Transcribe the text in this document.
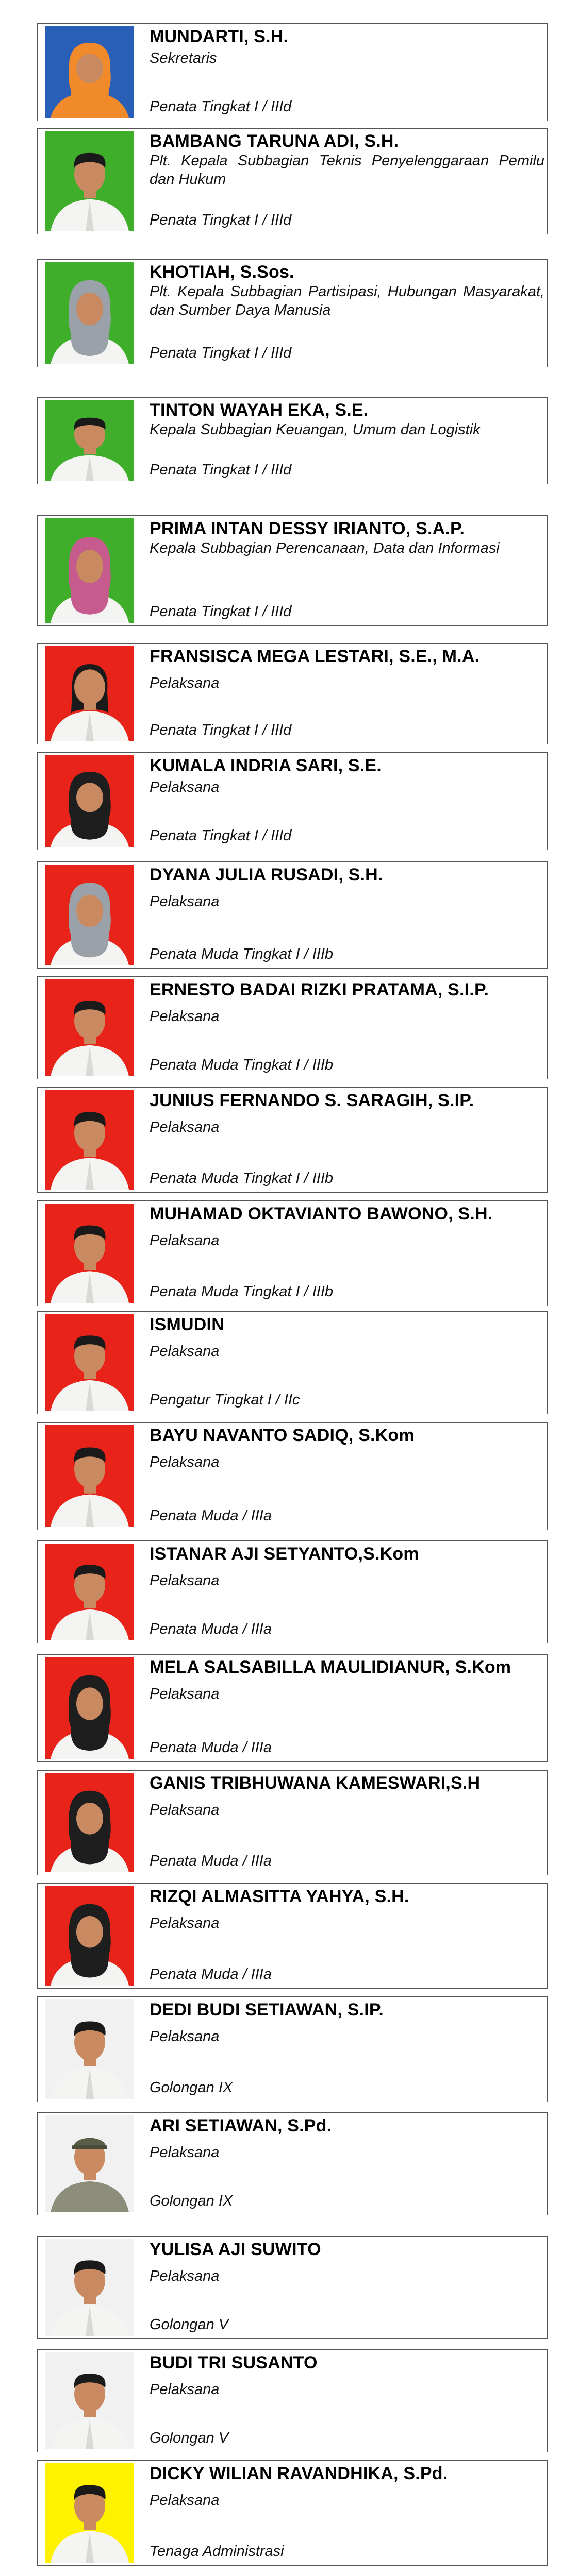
MUNDARTI, S.H.
Sekretaris
Penata Tingkat I / IIId
BAMBANG TARUNA ADI, S.H.
Plt. Kepala Subbagian Teknis Penyelenggaraan Pemilu dan Hukum
Penata Tingkat I / IIId
KHOTIAH, S.Sos.
Plt. Kepala Subbagian Partisipasi, Hubungan Masyarakat, dan Sumber Daya Manusia
Penata Tingkat I / IIId
TINTON WAYAH EKA, S.E.
Kepala Subbagian Keuangan, Umum dan Logistik
Penata Tingkat I / IIId
PRIMA INTAN DESSY IRIANTO, S.A.P.
Kepala Subbagian Perencanaan, Data dan Informasi
Penata Tingkat I / IIId
FRANSISCA MEGA LESTARI, S.E., M.A.
Pelaksana
Penata Tingkat I / IIId
KUMALA INDRIA SARI, S.E.
Pelaksana
Penata Tingkat I / IIId
DYANA JULIA RUSADI, S.H.
Pelaksana
Penata Muda Tingkat I / IIIb
ERNESTO BADAI RIZKI PRATAMA, S.I.P.
Pelaksana
Penata Muda Tingkat I / IIIb
JUNIUS FERNANDO S. SARAGIH, S.IP.
Pelaksana
Penata Muda Tingkat I / IIIb
MUHAMAD OKTAVIANTO BAWONO, S.H.
Pelaksana
Penata Muda Tingkat I / IIIb
ISMUDIN
Pelaksana
Pengatur Tingkat I / IIc
BAYU NAVANTO SADIQ, S.Kom
Pelaksana
Penata Muda / IIIa
ISTANAR AJI SETYANTO,S.Kom
Pelaksana
Penata Muda / IIIa
MELA SALSABILLA MAULIDIANUR, S.Kom
Pelaksana
Penata Muda / IIIa
GANIS TRIBHUWANA KAMESWARI,S.H
Pelaksana
Penata Muda / IIIa
RIZQI ALMASITTA YAHYA, S.H.
Pelaksana
Penata Muda / IIIa
DEDI BUDI SETIAWAN, S.IP.
Pelaksana
Golongan IX
ARI SETIAWAN, S.Pd.
Pelaksana
Golongan IX
YULISA AJI SUWITO
Pelaksana
Golongan V
BUDI TRI SUSANTO
Pelaksana
Golongan V
DICKY WILIAN RAVANDHIKA, S.Pd.
Pelaksana
Tenaga Administrasi
